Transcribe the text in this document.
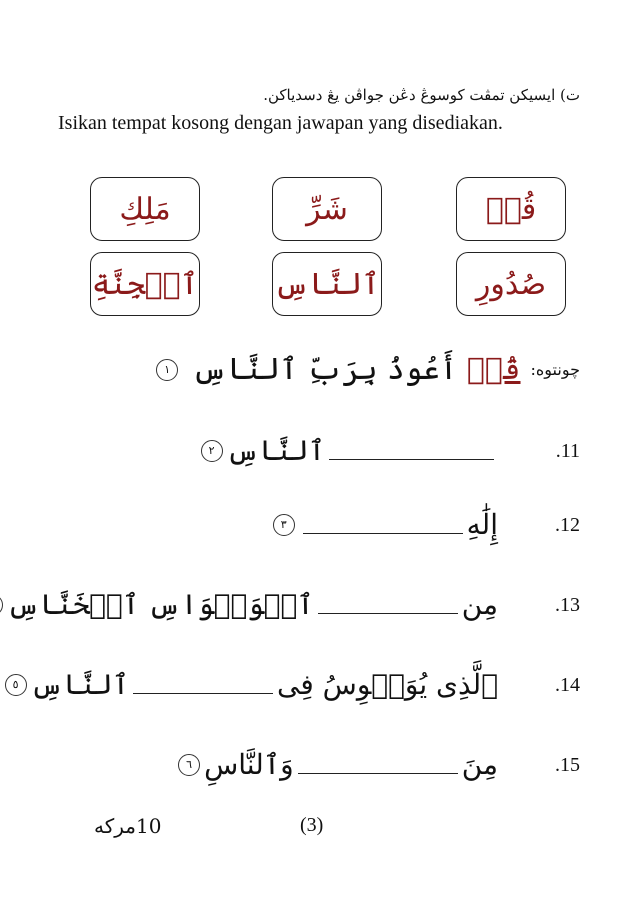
ت) ايسيكن تمڤت كوسوڠ دڠن جواڤن يڠ دسدياكن.
Isikan tempat kosong dengan jawapan yang disediakan.
قُلۡ
شَرِّ
مَلِكِ
صُدُورِ
ٱلنَّاسِ
ٱلۡجِنَّةِ
چونتوه:
قُلۡ أَعُوذُ بِرَبِّ ٱلنَّاسِ
١
.11
ٱلنَّاسِ
٢
.12
إِلَٰهِ
٣
.13
مِن
ٱلۡوَسۡوَاسِ ٱلۡخَنَّاسِ
.14
ٱلَّذِى يُوَسۡوِسُ فِى
ٱلنَّاسِ
٥
.15
مِنَ
وَٱلنَّاسِ
٦
10مركه	(3)
